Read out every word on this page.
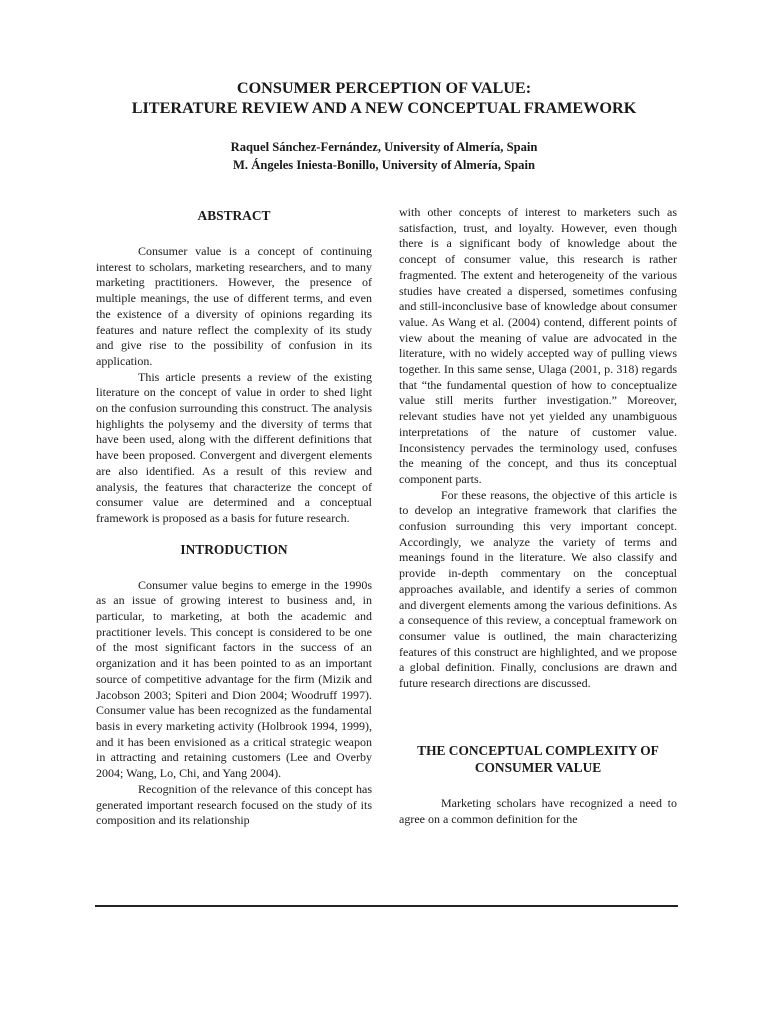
CONSUMER PERCEPTION OF VALUE:
LITERATURE REVIEW AND A NEW CONCEPTUAL FRAMEWORK
Raquel Sánchez-Fernández, University of Almería, Spain
M. Ángeles Iniesta-Bonillo, University of Almería, Spain
ABSTRACT

Consumer value is a concept of continuing interest to scholars, marketing researchers, and to many marketing practitioners. However, the presence of multiple meanings, the use of different terms, and even the existence of a diversity of opinions regarding its features and nature reflect the complexity of its study and give rise to the possibility of confusion in its application.

This article presents a review of the existing literature on the concept of value in order to shed light on the confusion surrounding this construct. The analysis highlights the polysemy and the diversity of terms that have been used, along with the different definitions that have been proposed. Convergent and divergent elements are also identified. As a result of this review and analysis, the features that characterize the concept of consumer value are determined and a conceptual framework is proposed as a basis for future research.

INTRODUCTION

Consumer value begins to emerge in the 1990s as an issue of growing interest to business and, in particular, to marketing, at both the academic and practitioner levels. This concept is considered to be one of the most significant factors in the success of an organization and it has been pointed to as an important source of competitive advantage for the firm (Mizik and Jacobson 2003; Spiteri and Dion 2004; Woodruff 1997). Consumer value has been recognized as the fundamental basis in every marketing activity (Holbrook 1994, 1999), and it has been envisioned as a critical strategic weapon in attracting and retaining customers (Lee and Overby 2004; Wang, Lo, Chi, and Yang 2004).

Recognition of the relevance of this concept has generated important research focused on the study of its composition and its relationship

with other concepts of interest to marketers such as satisfaction, trust, and loyalty. However, even though there is a significant body of knowledge about the concept of consumer value, this research is rather fragmented. The extent and heterogeneity of the various studies have created a dispersed, sometimes confusing and still-inconclusive base of knowledge about consumer value. As Wang et al. (2004) contend, different points of view about the meaning of value are advocated in the literature, with no widely accepted way of pulling views together. In this same sense, Ulaga (2001, p. 318) regards that “the fundamental question of how to conceptualize value still merits further investigation.” Moreover, relevant studies have not yet yielded any unambiguous interpretations of the nature of customer value. Inconsistency pervades the terminology used, confuses the meaning of the concept, and thus its conceptual component parts.

For these reasons, the objective of this article is to develop an integrative framework that clarifies the confusion surrounding this very important concept. Accordingly, we analyze the variety of terms and meanings found in the literature. We also classify and provide in-depth commentary on the conceptual approaches available, and identify a series of common and divergent elements among the various definitions. As a consequence of this review, a conceptual framework on consumer value is outlined, the main characterizing features of this construct are highlighted, and we propose a global definition. Finally, conclusions are drawn and future research directions are discussed.

THE CONCEPTUAL COMPLEXITY OF
CONSUMER VALUE

Marketing scholars have recognized a need to agree on a common definition for the
